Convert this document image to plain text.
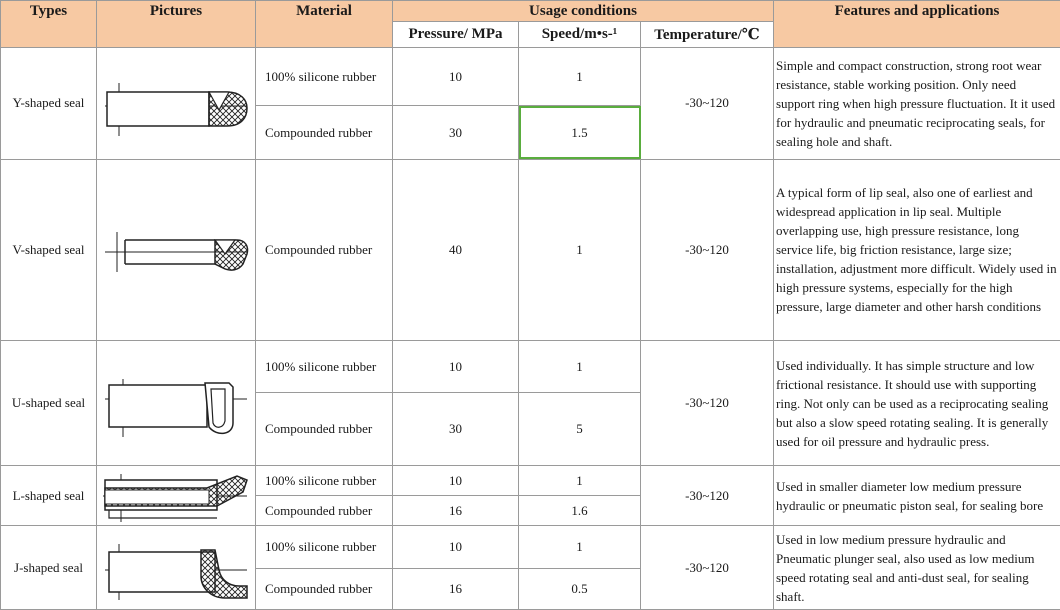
Types	Pictures	Material	Usage conditions			Features and applications
			Pressure/ MPa	Speed/m•s-¹	Temperature/℃	
Y-shaped seal		100% silicone rubber	10	1	-30~120	Simple and compact construction, strong root wear resistance, stable working position. Only need support ring when high pressure fluctuation. It it used for hydraulic and pneumatic reciprocating seals, for sealing hole and shaft.
		Compounded rubber	30	1.5		
V-shaped seal		Compounded rubber	40	1	-30~120	A typical form of lip seal, also one of earliest and widespread application in lip seal. Multiple overlapping use, high pressure resistance, long service life, big friction resistance, large size; installation, adjustment more difficult. Widely used in high pressure systems, especially for the high pressure, large diameter and other harsh conditions
U-shaped seal		100% silicone rubber	10	1	-30~120	Used individually. It has simple structure and low frictional resistance. It should use with supporting ring. Not only can be used as a reciprocating sealing but also a slow speed rotating sealing. It is generally used for oil pressure and hydraulic press.
		Compounded rubber	30	5		
L-shaped seal		100% silicone rubber	10	1	-30~120	Used in smaller diameter low medium pressure hydraulic or pneumatic piston seal, for sealing bore
		Compounded rubber	16	1.6		
J-shaped seal		100% silicone rubber	10	1	-30~120	Used in low medium pressure hydraulic and Pneumatic plunger seal, also used as low medium speed rotating seal and anti-dust seal, for sealing shaft.
		Compounded rubber	16	0.5		
